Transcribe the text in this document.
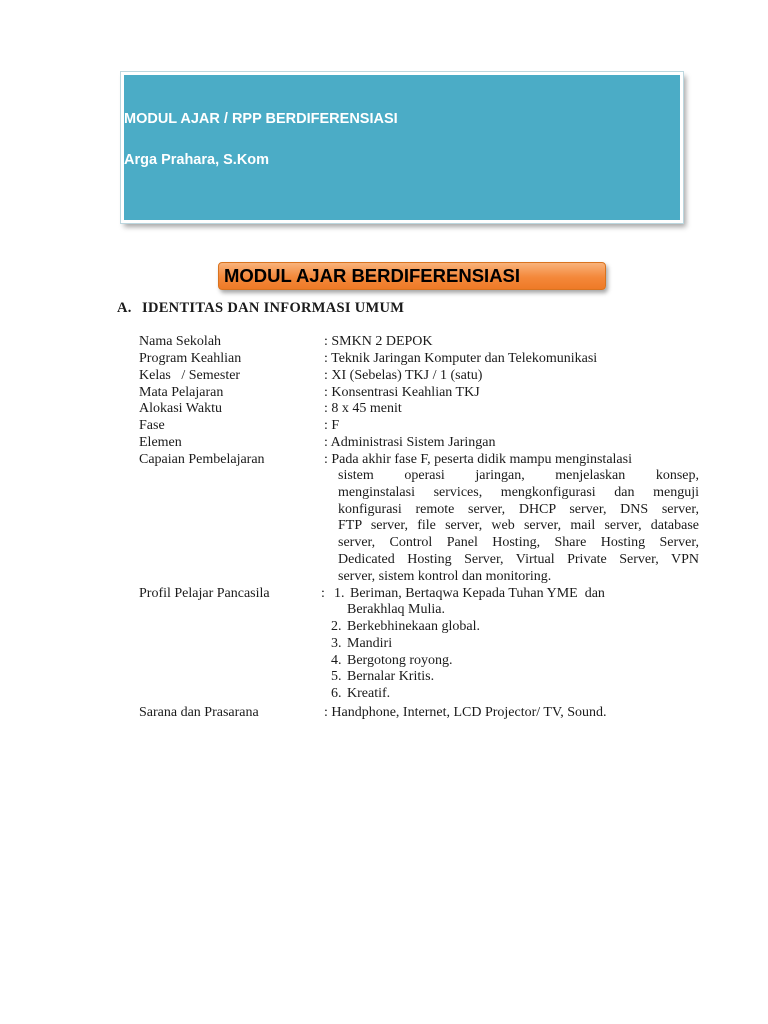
MODUL AJAR / RPP BERDIFERENSIASI
Arga Prahara, S.Kom
MODUL AJAR BERDIFERENSIASI
A. IDENTITAS DAN INFORMASI UMUM
Nama Sekolah	: SMKN 2 DEPOK
Program Keahlian	: Teknik Jaringan Komputer dan Telekomunikasi
Kelas   / Semester	: XI (Sebelas) TKJ / 1 (satu)
Mata Pelajaran	: Konsentrasi Keahlian TKJ
Alokasi Waktu	: 8 x 45 menit
Fase	: F
Elemen	: Administrasi Sistem Jaringan
Capaian Pembelajaran	: Pada akhir fase F, peserta didik mampu menginstalasi
sistem operasi jaringan, menjelaskan konsep,
menginstalasi services, mengkonfigurasi dan menguji
konfigurasi remote server, DHCP server, DNS server,
FTP server, file server, web server, mail server, database
server, Control Panel Hosting, Share Hosting Server,
Dedicated Hosting Server, Virtual Private Server, VPN
server, sistem kontrol dan monitoring.
Profil Pelajar Pancasila	: 1. Beriman, Bertaqwa Kepada Tuhan YME  dan
Berakhlaq Mulia.
2. Berkebhinekaan global.
3. Mandiri
4. Bergotong royong.
5. Bernalar Kritis.
6. Kreatif.
Sarana dan Prasarana	: Handphone, Internet, LCD Projector/ TV, Sound.
